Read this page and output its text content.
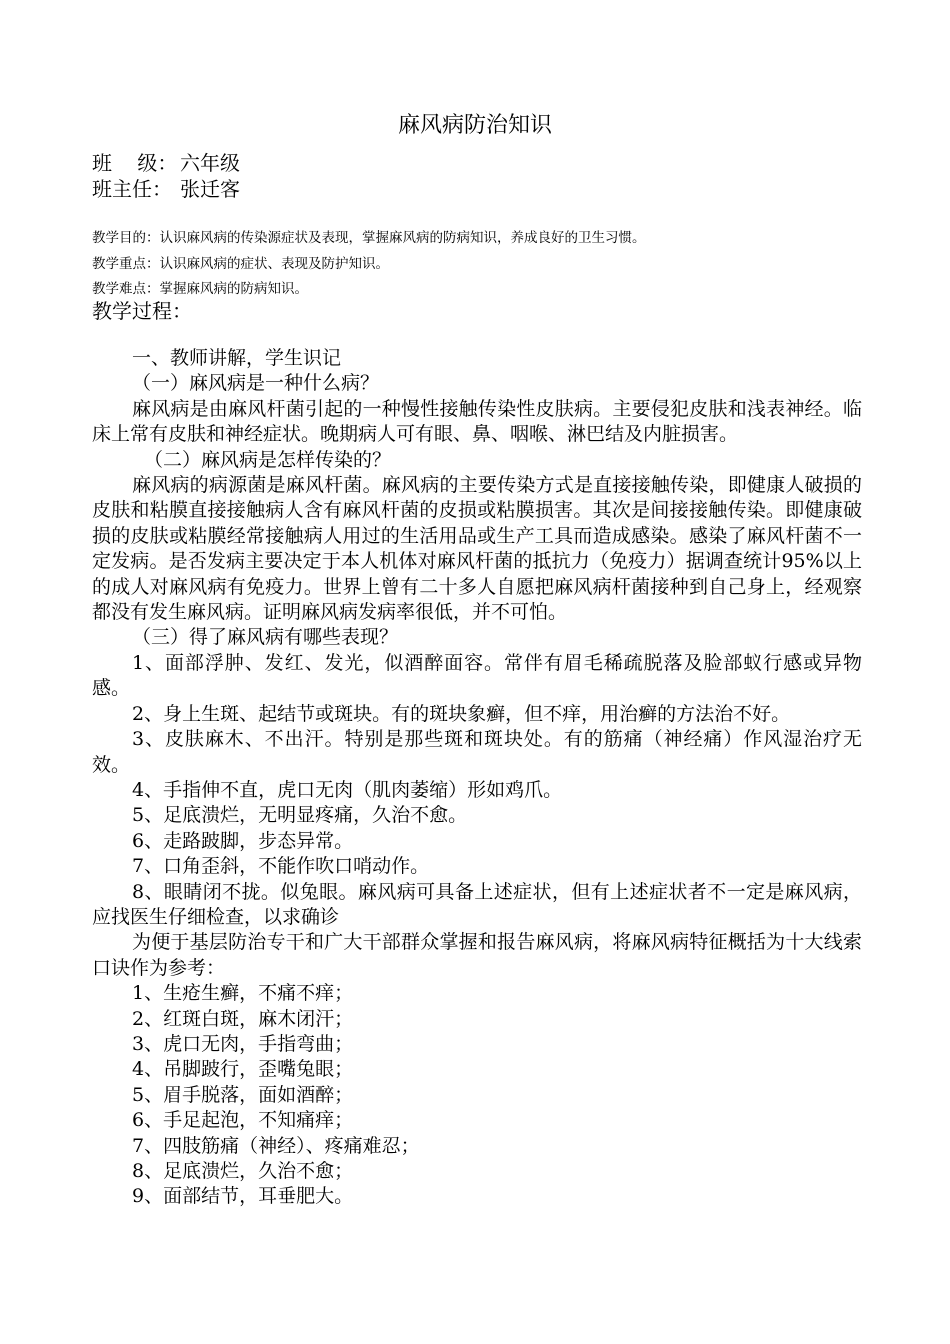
麻风病防治知识
班    级： 六年级
班主任： 张迁客
教学目的：认识麻风病的传染源症状及表现，掌握麻风病的防病知识，养成良好的卫生习惯。
教学重点：认识麻风病的症状、表现及防护知识。
教学难点：掌握麻风病的防病知识。
教学过程：

一、教师讲解，学生识记

（一）麻风病是一种什么病？

麻风病是由麻风杆菌引起的一种慢性接触传染性皮肤病。主要侵犯皮肤和浅表神经。临床上常有皮肤和神经症状。晚期病人可有眼、鼻、咽喉、淋巴结及内脏损害。

（二）麻风病是怎样传染的？

麻风病的病源菌是麻风杆菌。麻风病的主要传染方式是直接接触传染，即健康人破损的皮肤和粘膜直接接触病人含有麻风杆菌的皮损或粘膜损害。其次是间接接触传染。即健康破损的皮肤或粘膜经常接触病人用过的生活用品或生产工具而造成感染。感染了麻风杆菌不一定发病。是否发病主要决定于本人机体对麻风杆菌的抵抗力（免疫力）据调查统计95%以上的成人对麻风病有免疫力。世界上曾有二十多人自愿把麻风病杆菌接种到自己身上，经观察都没有发生麻风病。证明麻风病发病率很低，并不可怕。

（三）得了麻风病有哪些表现？

1、面部浮肿、发红、发光，似酒醉面容。常伴有眉毛稀疏脱落及脸部蚁行感或异物感。

2、身上生斑、起结节或斑块。有的斑块象癣，但不痒，用治癣的方法治不好。

3、皮肤麻木、不出汗。特别是那些斑和斑块处。有的筋痛（神经痛）作风湿治疗无效。

4、手指伸不直，虎口无肉（肌肉萎缩）形如鸡爪。

5、足底溃烂，无明显疼痛，久治不愈。

6、走路跛脚，步态异常。

7、口角歪斜，不能作吹口哨动作。

8、眼睛闭不拢。似兔眼。麻风病可具备上述症状，但有上述症状者不一定是麻风病，应找医生仔细检查，以求确诊

为便于基层防治专干和广大干部群众掌握和报告麻风病，将麻风病特征概括为十大线索口诀作为参考：

1、生疮生癣，不痛不痒；

2、红斑白斑，麻木闭汗；

3、虎口无肉，手指弯曲；

4、吊脚跛行，歪嘴兔眼；

5、眉手脱落，面如酒醉；

6、手足起泡，不知痛痒；

7、四肢筋痛（神经）、疼痛难忍；

8、足底溃烂，久治不愈；

9、面部结节，耳垂肥大。
